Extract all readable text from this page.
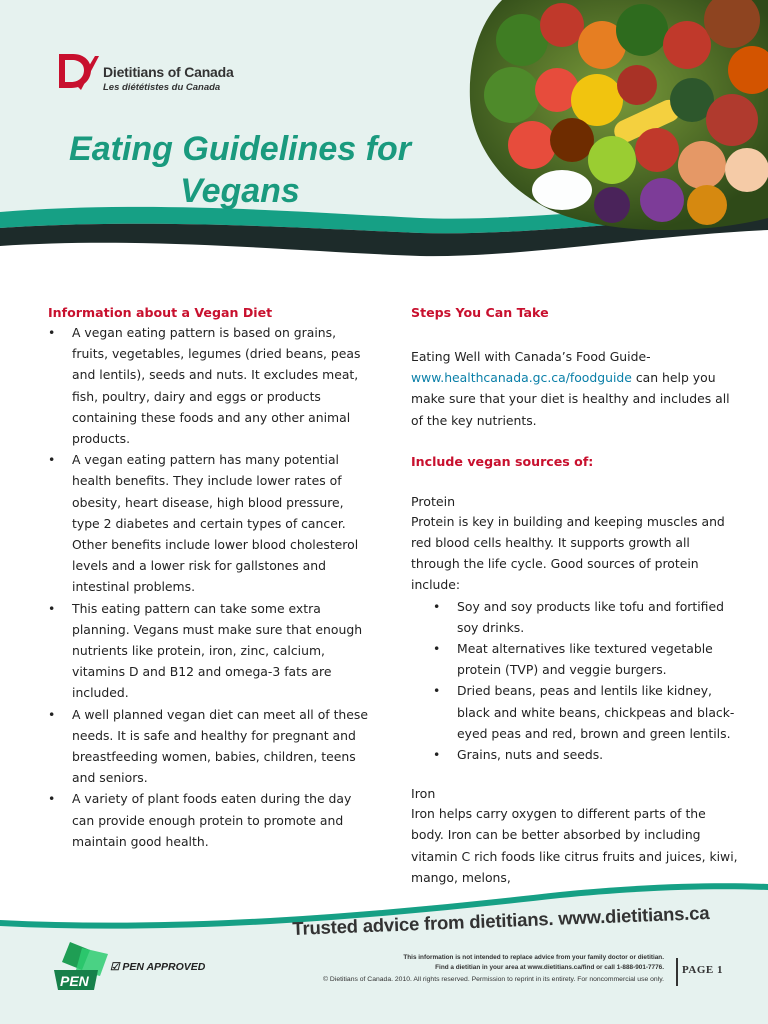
Dietitians of Canada
Les diététistes du Canada
Eating Guidelines for
Vegans
Information about a Vegan Diet
• A vegan eating pattern is based on grains, fruits, vegetables, legumes (dried beans, peas and lentils), seeds and nuts. It excludes meat, fish, poultry, dairy and eggs or products containing these foods and any other animal products.
• A vegan eating pattern has many potential health benefits. They include lower rates of obesity, heart disease, high blood pressure, type 2 diabetes and certain types of cancer. Other benefits include lower blood cholesterol levels and a lower risk for gallstones and intestinal problems.
• This eating pattern can take some extra planning. Vegans must make sure that enough nutrients like protein, iron, zinc, calcium, vitamins D and B12 and omega-3 fats are included.
• A well planned vegan diet can meet all of these needs. It is safe and healthy for pregnant and breastfeeding women, babies, children, teens and seniors.
• A variety of plant foods eaten during the day can provide enough protein to promote and maintain good health.
Steps You Can Take

Eating Well with Canada’s Food Guide-
www.healthcanada.gc.ca/foodguide can help you make sure that your diet is healthy and includes all of the key nutrients.

Include vegan sources of:
Protein

Protein is key in building and keeping muscles and red blood cells healthy. It supports growth all through the life cycle. Good sources of protein include:

• Soy and soy products like tofu and fortified soy drinks.
• Meat alternatives like textured vegetable protein (TVP) and veggie burgers.
• Dried beans, peas and lentils like kidney, black and white beans, chickpeas and black-eyed peas and red, brown and green lentils.
• Grains, nuts and seeds.
Iron

Iron helps carry oxygen to different parts of the body. Iron can be better absorbed by including vitamin C rich foods like citrus fruits and juices, kiwi, mango, melons,

Trusted advice from dietitians. www.dietitians.ca
This information is not intended to replace advice from your family doctor or dietitian.
Find a dietitian in your area at www.dietitians.ca/find or call 1-888-901-7776.
© Dietitians of Canada. 2010. All rights reserved. Permission to reprint in its entirety. For noncommercial use only.
PAGE 1
PEN
☑ PEN APPROVED
